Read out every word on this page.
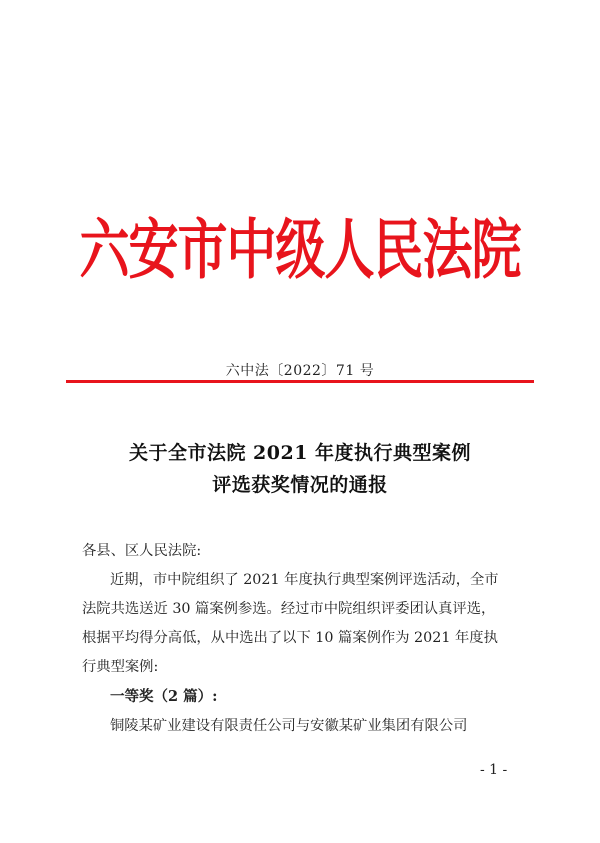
六安市中级人民法院
六中法〔2022〕71 号
关于全市法院 2021 年度执行典型案例
评选获奖情况的通报
各县、区人民法院:
近期，市中院组织了 2021 年度执行典型案例评选活动，全市
法院共选送近 30 篇案例参选。经过市中院组织评委团认真评选，
根据平均得分高低，从中选出了以下 10 篇案例作为 2021 年度执
行典型案例:
一等奖（2 篇）:
铜陵某矿业建设有限责任公司与安徽某矿业集团有限公司
- 1 -
